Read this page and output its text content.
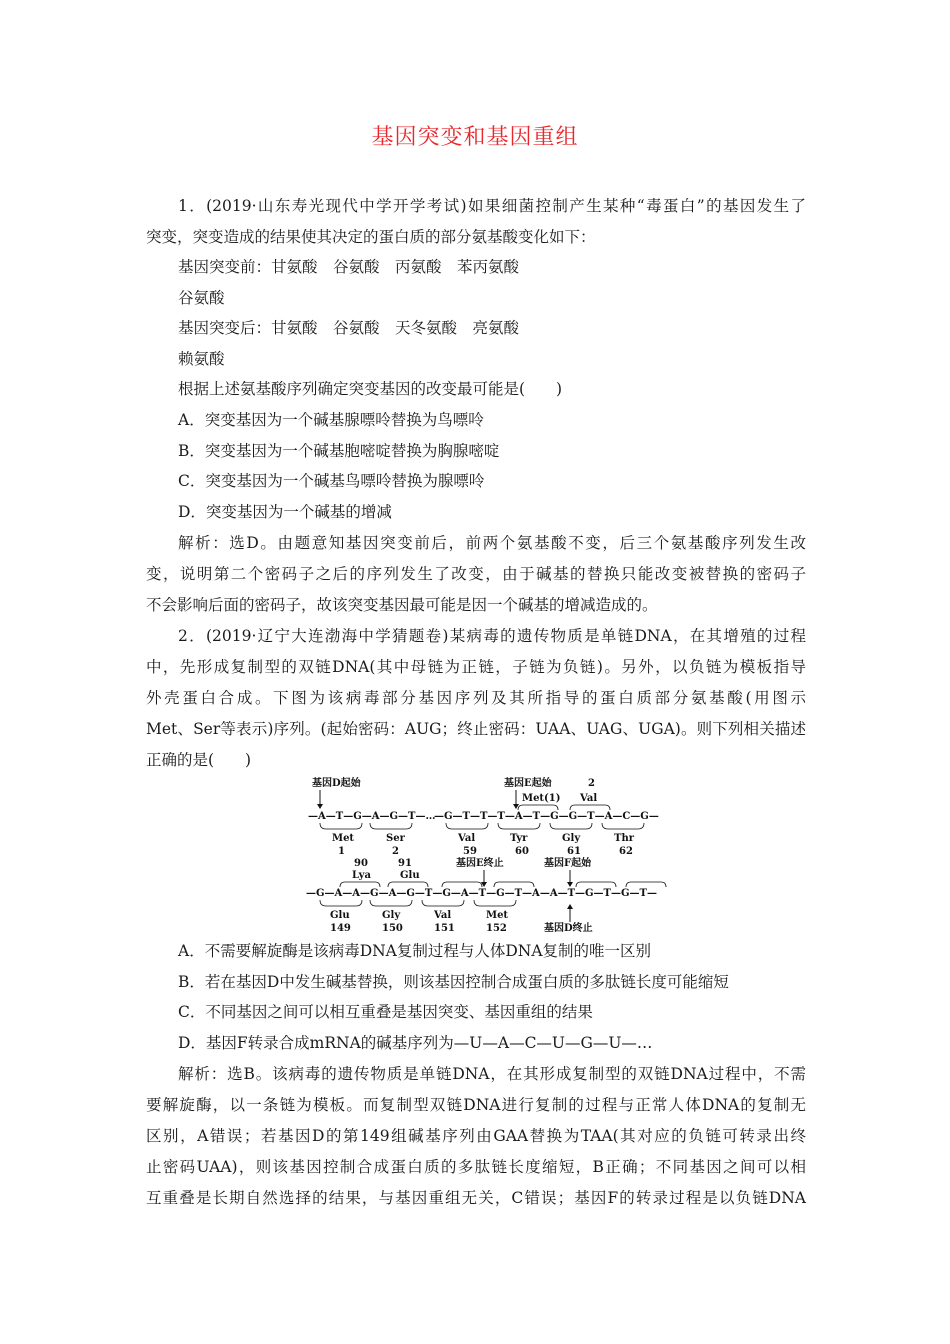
基因突变和基因重组
1．(2019·山东寿光现代中学开学考试)如果细菌控制产生某种“毒蛋白”的基因发生了
突变，突变造成的结果使其决定的蛋白质的部分氨基酸变化如下：
基因突变前：甘氨酸　谷氨酸　丙氨酸　苯丙氨酸
谷氨酸
基因突变后：甘氨酸　谷氨酸　天冬氨酸　亮氨酸
赖氨酸
根据上述氨基酸序列确定突变基因的改变最可能是(　　)
A．突变基因为一个碱基腺嘌呤替换为鸟嘌呤
B．突变基因为一个碱基胞嘧啶替换为胸腺嘧啶
C．突变基因为一个碱基鸟嘌呤替换为腺嘌呤
D．突变基因为一个碱基的增减
解析：选D。由题意知基因突变前后，前两个氨基酸不变，后三个氨基酸序列发生改
变，说明第二个密码子之后的序列发生了改变，由于碱基的替换只能改变被替换的密码子
不会影响后面的密码子，故该突变基因最可能是因一个碱基的增减造成的。
2．(2019·辽宁大连渤海中学猜题卷)某病毒的遗传物质是单链DNA，在其增殖的过程
中，先形成复制型的双链DNA(其中母链为正链，子链为负链)。另外，以负链为模板指导
外壳蛋白合成。下图为该病毒部分基因序列及其所指导的蛋白质部分氨基酸(用图示
Met、Ser等表示)序列。(起始密码：AUG；终止密码：UAA、UAG、UGA)。则下列相关描述
正确的是(　　)
基因D起始	基因E起始	2
Met(1) Val
—A—T—G—A—G—T—…
—G—T—T—T—A—T—G—G—T—A—C—G—
Met	Ser	Val	Tyr	Gly	Thr
1	2	59	60	61	62
90	91	基因E终止	基因F起始
Lya	Glu
—G—A—A—G—A—G—T—G—A—T—G—T—A—A—T—G—T—G—T—
Glu	Gly	Val	Met
149	150	151	152	基因D终止
A．不需要解旋酶是该病毒DNA复制过程与人体DNA复制的唯一区别
B．若在基因D中发生碱基替换，则该基因控制合成蛋白质的多肽链长度可能缩短
C．不同基因之间可以相互重叠是基因突变、基因重组的结果
D．基因F转录合成mRNA的碱基序列为—U—A—C—U—G—U—…
解析：选B。该病毒的遗传物质是单链DNA，在其形成复制型的双链DNA过程中，不需
要解旋酶，以一条链为模板。而复制型双链DNA进行复制的过程与正常人体DNA的复制无
区别，A错误；若基因D的第149组碱基序列由GAA替换为TAA(其对应的负链可转录出终
止密码UAA)，则该基因控制合成蛋白质的多肽链长度缩短，B正确；不同基因之间可以相
互重叠是长期自然选择的结果，与基因重组无关，C错误；基因F的转录过程是以负链DNA
